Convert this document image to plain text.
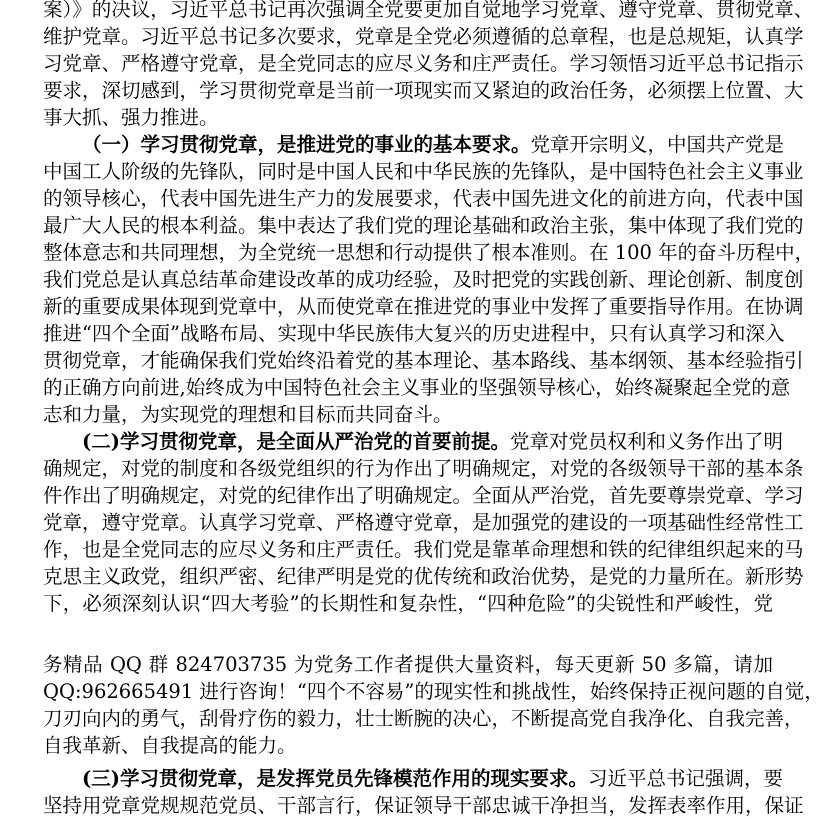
案）》的决议，习近平总书记再次强调全党要更加自觉地学习党章、遵守党章、贯彻党章、
维护党章。习近平总书记多次要求，党章是全党必须遵循的总章程，也是总规矩，认真学
习党章、严格遵守党章，是全党同志的应尽义务和庄严责任。学习领悟习近平总书记指示
要求，深切感到，学习贯彻党章是当前一项现实而又紧迫的政治任务，必须摆上位置、大
事大抓、强力推进。
（一）学习贯彻党章，是推进党的事业的基本要求。党章开宗明义，中国共产党是
中国工人阶级的先锋队，同时是中国人民和中华民族的先锋队，是中国特色社会主义事业
的领导核心，代表中国先进生产力的发展要求，代表中国先进文化的前进方向，代表中国
最广大人民的根本利益。集中表达了我们党的理论基础和政治主张，集中体现了我们党的
整体意志和共同理想，为全党统一思想和行动提供了根本准则。在 100 年的奋斗历程中，
我们党总是认真总结革命建设改革的成功经验，及时把党的实践创新、理论创新、制度创
新的重要成果体现到党章中，从而使党章在推进党的事业中发挥了重要指导作用。在协调
推进“四个全面”战略布局、实现中华民族伟大复兴的历史进程中，只有认真学习和深入
贯彻党章，才能确保我们党始终沿着党的基本理论、基本路线、基本纲领、基本经验指引
的正确方向前进,始终成为中国特色社会主义事业的坚强领导核心，始终凝聚起全党的意
志和力量，为实现党的理想和目标而共同奋斗。
(二)学习贯彻党章，是全面从严治党的首要前提。党章对党员权利和义务作出了明
确规定，对党的制度和各级党组织的行为作出了明确规定，对党的各级领导干部的基本条
件作出了明确规定，对党的纪律作出了明确规定。全面从严治党，首先要尊崇党章、学习
党章，遵守党章。认真学习党章、严格遵守党章，是加强党的建设的一项基础性经常性工
作，也是全党同志的应尽义务和庄严责任。我们党是靠革命理想和铁的纪律组织起来的马
克思主义政党，组织严密、纪律严明是党的优传统和政治优势，是党的力量所在。新形势
下，必须深刻认识“四大考验”的长期性和复杂性，“四种危险”的尖锐性和严峻性，党
务精品 QQ 群 824703735 为党务工作者提供大量资料，每天更新 50 多篇，请加
QQ:962665491 进行咨询！“四个不容易”的现实性和挑战性，始终保持正视问题的自觉，
刀刃向内的勇气，刮骨疗伤的毅力，壮士断腕的决心，不断提高党自我净化、自我完善，
自我革新、自我提高的能力。
(三)学习贯彻党章，是发挥党员先锋模范作用的现实要求。习近平总书记强调，要
坚持用党章党规规范党员、干部言行，保证领导干部忠诚干净担当，发挥表率作用，保证
